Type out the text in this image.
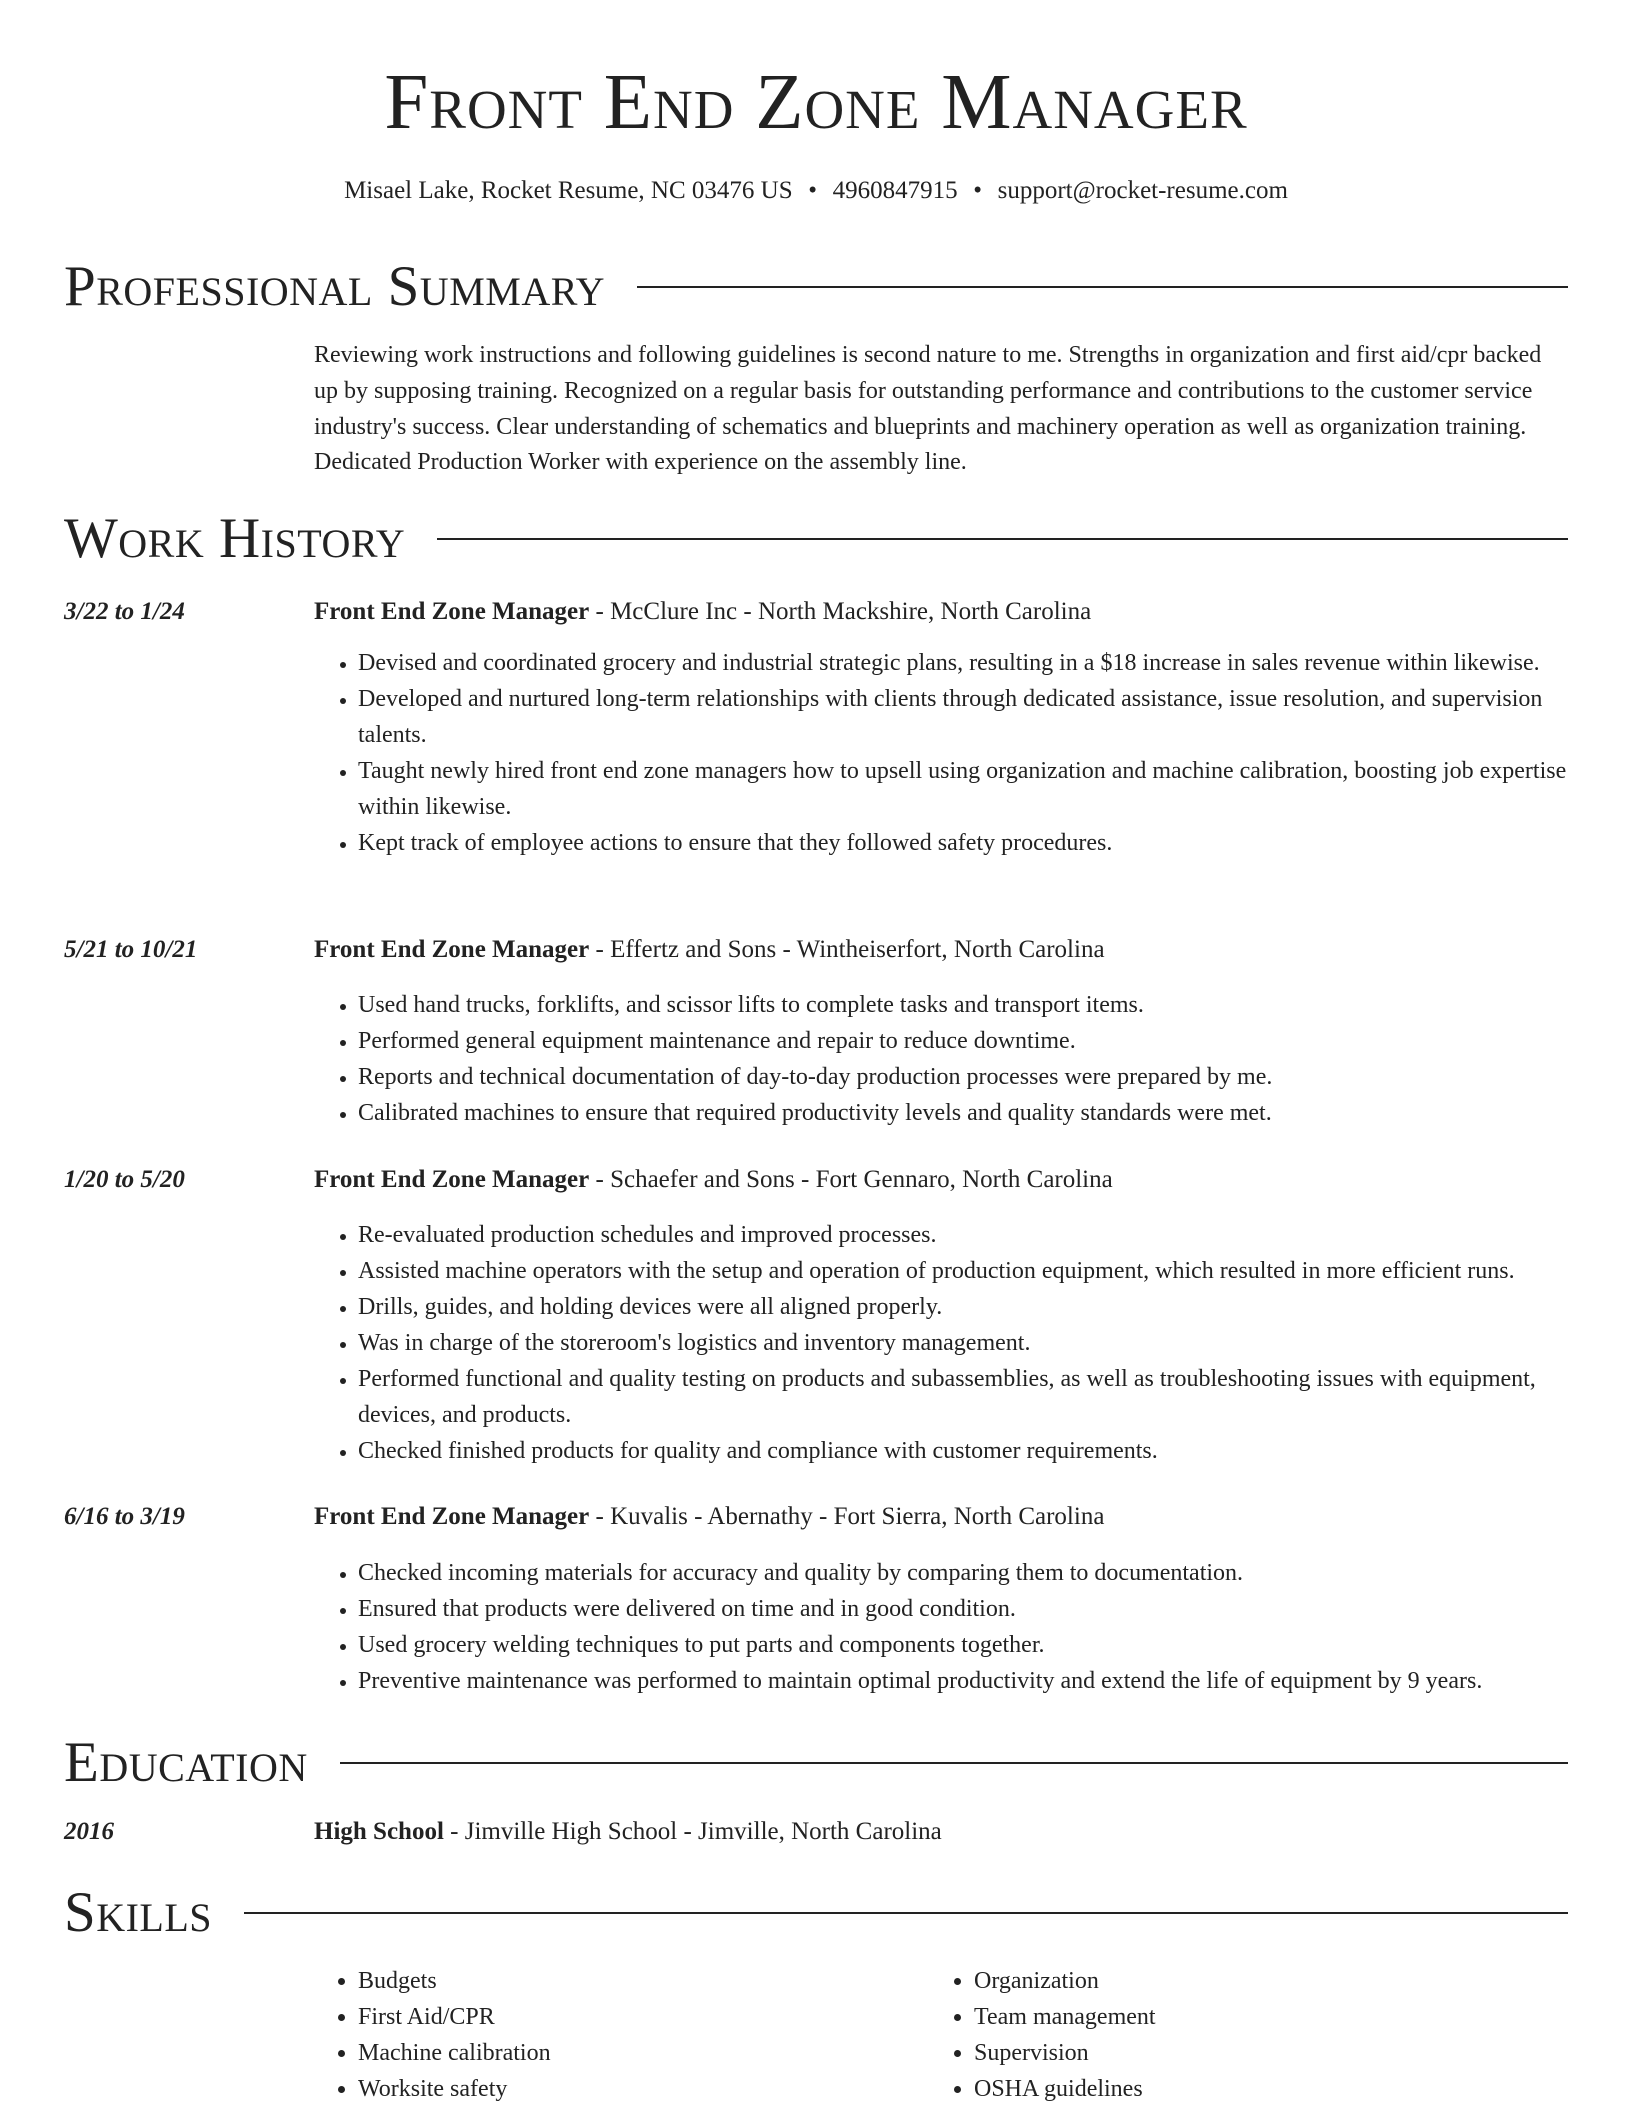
Front End Zone Manager
Misael Lake, Rocket Resume, NC 03476 US • 4960847915 • support@rocket-resume.com
Professional Summary
Reviewing work instructions and following guidelines is second nature to me. Strengths in organization and first aid/cpr backed up by supposing training. Recognized on a regular basis for outstanding performance and contributions to the customer service industry's success. Clear understanding of schematics and blueprints and machinery operation as well as organization training. Dedicated Production Worker with experience on the assembly line.
Work History
3/22 to 1/24	Front End Zone Manager - McClure Inc - North Mackshire, North Carolina
• Devised and coordinated grocery and industrial strategic plans, resulting in a $18 increase in sales revenue within likewise.
• Developed and nurtured long-term relationships with clients through dedicated assistance, issue resolution, and supervision talents.
• Taught newly hired front end zone managers how to upsell using organization and machine calibration, boosting job expertise within likewise.
• Kept track of employee actions to ensure that they followed safety procedures.
5/21 to 10/21	Front End Zone Manager - Effertz and Sons - Wintheiserfort, North Carolina
• Used hand trucks, forklifts, and scissor lifts to complete tasks and transport items.
• Performed general equipment maintenance and repair to reduce downtime.
• Reports and technical documentation of day-to-day production processes were prepared by me.
• Calibrated machines to ensure that required productivity levels and quality standards were met.
1/20 to 5/20	Front End Zone Manager - Schaefer and Sons - Fort Gennaro, North Carolina
• Re-evaluated production schedules and improved processes.
• Assisted machine operators with the setup and operation of production equipment, which resulted in more efficient runs.
• Drills, guides, and holding devices were all aligned properly.
• Was in charge of the storeroom's logistics and inventory management.
• Performed functional and quality testing on products and subassemblies, as well as troubleshooting issues with equipment, devices, and products.
• Checked finished products for quality and compliance with customer requirements.
6/16 to 3/19	Front End Zone Manager - Kuvalis - Abernathy - Fort Sierra, North Carolina
• Checked incoming materials for accuracy and quality by comparing them to documentation.
• Ensured that products were delivered on time and in good condition.
• Used grocery welding techniques to put parts and components together.
• Preventive maintenance was performed to maintain optimal productivity and extend the life of equipment by 9 years.
Education
2016	High School - Jimville High School - Jimville, North Carolina
Skills
• Budgets
• First Aid/CPR
• Machine calibration
• Worksite safety
• Organization
• Team management
• Supervision
• OSHA guidelines
